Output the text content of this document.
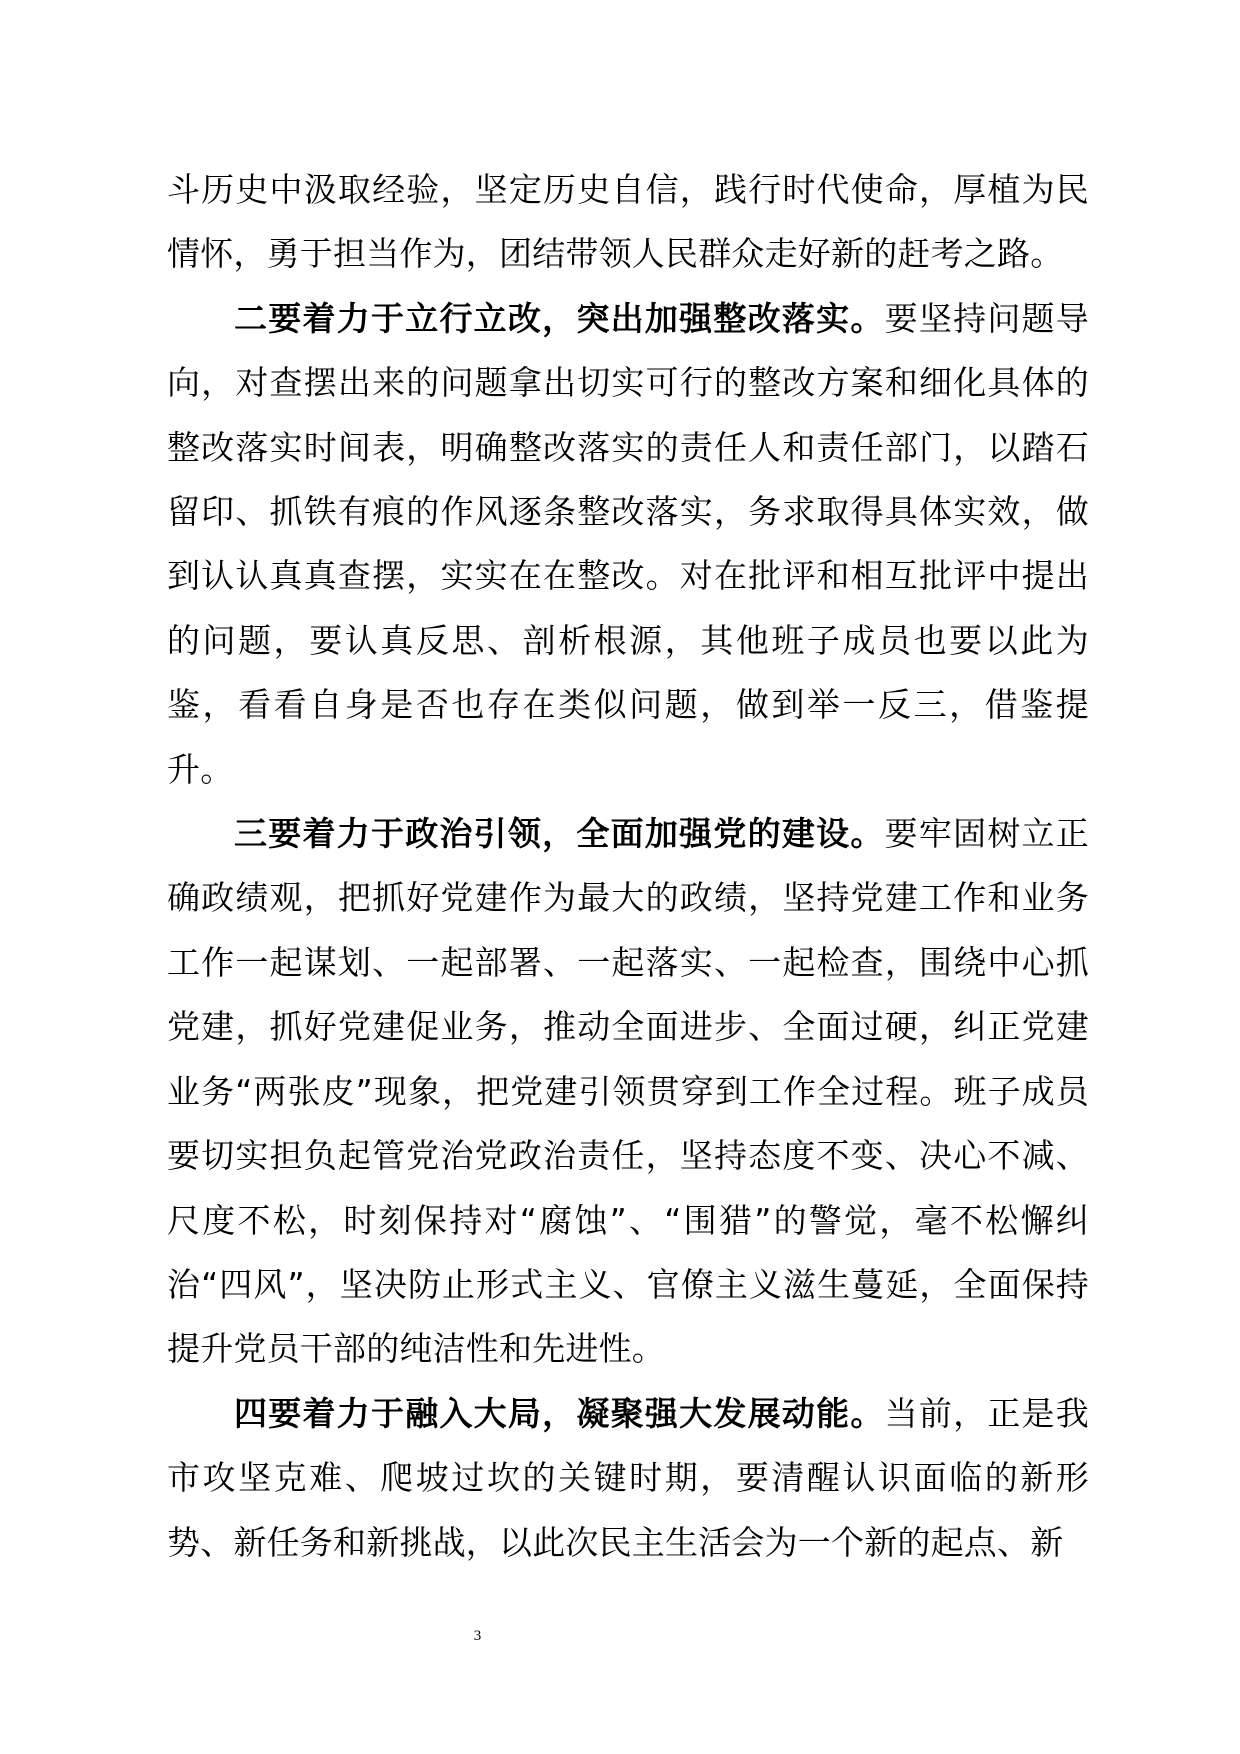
斗历史中汲取经验，坚定历史自信，践行时代使命，厚植为民情怀，勇于担当作为，团结带领人民群众走好新的赶考之路。

二要着力于立行立改，突出加强整改落实。要坚持问题导向，对查摆出来的问题拿出切实可行的整改方案和细化具体的整改落实时间表，明确整改落实的责任人和责任部门，以踏石留印、抓铁有痕的作风逐条整改落实，务求取得具体实效，做到认认真真查摆，实实在在整改。对在批评和相互批评中提出的问题，要认真反思、剖析根源，其他班子成员也要以此为鉴，看看自身是否也存在类似问题，做到举一反三，借鉴提升。

三要着力于政治引领，全面加强党的建设。要牢固树立正确政绩观，把抓好党建作为最大的政绩，坚持党建工作和业务工作一起谋划、一起部署、一起落实、一起检查，围绕中心抓党建，抓好党建促业务，推动全面进步、全面过硬，纠正党建业务“两张皮”现象，把党建引领贯穿到工作全过程。班子成员要切实担负起管党治党政治责任，坚持态度不变、决心不减、尺度不松，时刻保持对“腐蚀”、“围猎”的警觉，毫不松懈纠治“四风”，坚决防止形式主义、官僚主义滋生蔓延，全面保持提升党员干部的纯洁性和先进性。

四要着力于融入大局，凝聚强大发展动能。当前，正是我市攻坚克难、爬坡过坎的关键时期，要清醒认识面临的新形势、新任务和新挑战，以此次民主生活会为一个新的起点、新

3
